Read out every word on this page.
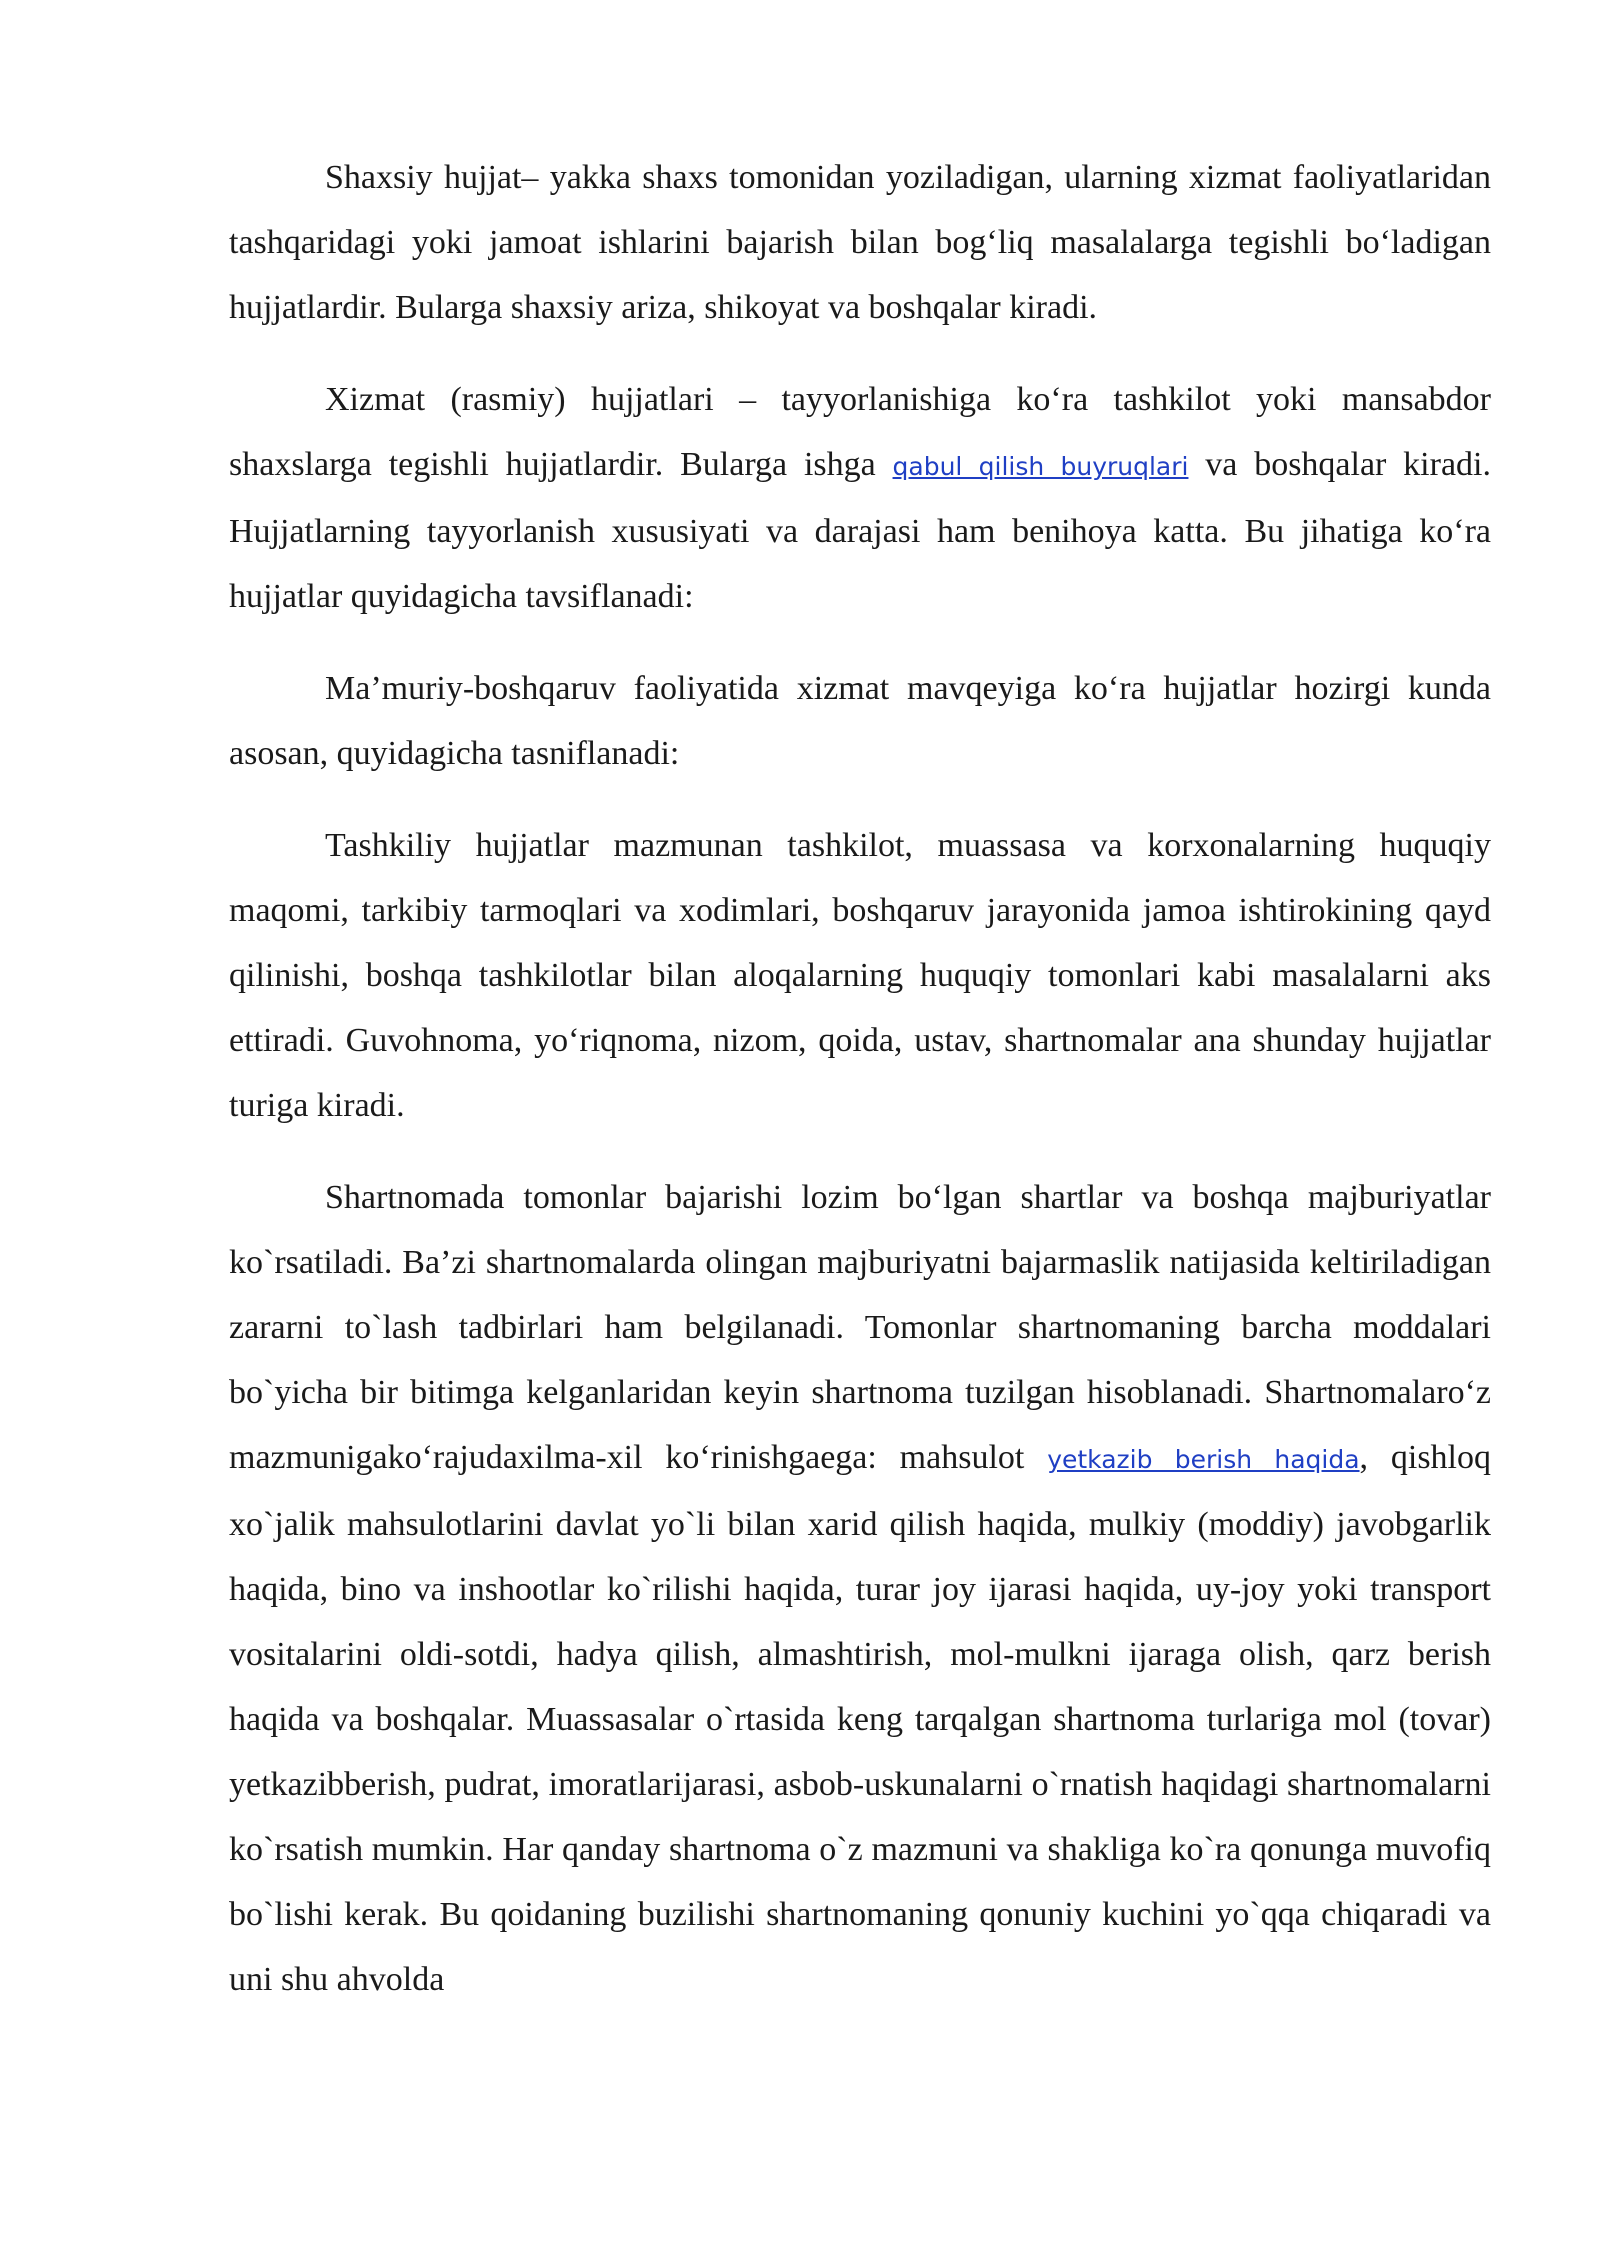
Shaxsiy hujjat– yakka shaxs tomonidan yoziladigan, ularning xizmat faoliyatlaridan tashqaridagi yoki jamoat ishlarini bajarish bilan bogʻliq masalalarga tegishli boʻladigan hujjatlardir. Bularga shaxsiy ariza, shikoyat va boshqalar kiradi.

Xizmat (rasmiy) hujjatlari – tayyorlanishiga koʻra tashkilot yoki mansabdor shaxslarga tegishli hujjatlardir. Bularga ishga qabul qilish buyruqlari va boshqalar kiradi. Hujjatlarning tayyorlanish xususiyati va darajasi ham benihoya katta. Bu jihatiga koʻra hujjatlar quyidagicha tavsiflanadi:

Ma’muriy-boshqaruv faoliyatida xizmat mavqeyiga koʻra hujjatlar hozirgi kunda asosan, quyidagicha tasniflanadi:

Tashkiliy hujjatlar mazmunan tashkilot, muassasa va korxonalarning huquqiy maqomi, tarkibiy tarmoqlari va xodimlari, boshqaruv jarayonida jamoa ishtirokining qayd qilinishi, boshqa tashkilotlar bilan aloqalarning huquqiy tomonlari kabi masalalarni aks ettiradi. Guvohnoma, yoʻriqnoma, nizom, qoida, ustav, shartnomalar ana shunday hujjatlar turiga kiradi.

Shartnomada tomonlar bajarishi lozim boʻlgan shartlar va boshqa majburiyatlar ko`rsatiladi. Ba’zi shartnomalarda olingan majburiyatni bajarmaslik natijasida keltiriladigan zararni to`lash tadbirlari ham belgilanadi. Tomonlar shartnomaning barcha moddalari bo`yicha bir bitimga kelganlaridan keyin shartnoma tuzilgan hisoblanadi. Shartnomalaroʻz mazmunigakoʻrajudaxilma-xil koʻrinishgaega: mahsulot yetkazib berish haqida, qishloq xo`jalik mahsulotlarini davlat yo`li bilan xarid qilish haqida, mulkiy (moddiy) javobgarlik haqida, bino va inshootlar ko`rilishi haqida, turar joy ijarasi haqida, uy-joy yoki transport vositalarini oldi-sotdi, hadya qilish, almashtirish, mol-mulkni ijaraga olish, qarz berish haqida va boshqalar. Muassasalar o`rtasida keng tarqalgan shartnoma turlariga mol (tovar) yetkazibberish, pudrat, imoratlarijarasi, asbob-uskunalarni o`rnatish haqidagi shartnomalarni ko`rsatish mumkin. Har qanday shartnoma o`z mazmuni va shakliga ko`ra qonunga muvofiq bo`lishi kerak. Bu qoidaning buzilishi shartnomaning qonuniy kuchini yo`qqa chiqaradi va uni shu ahvolda
